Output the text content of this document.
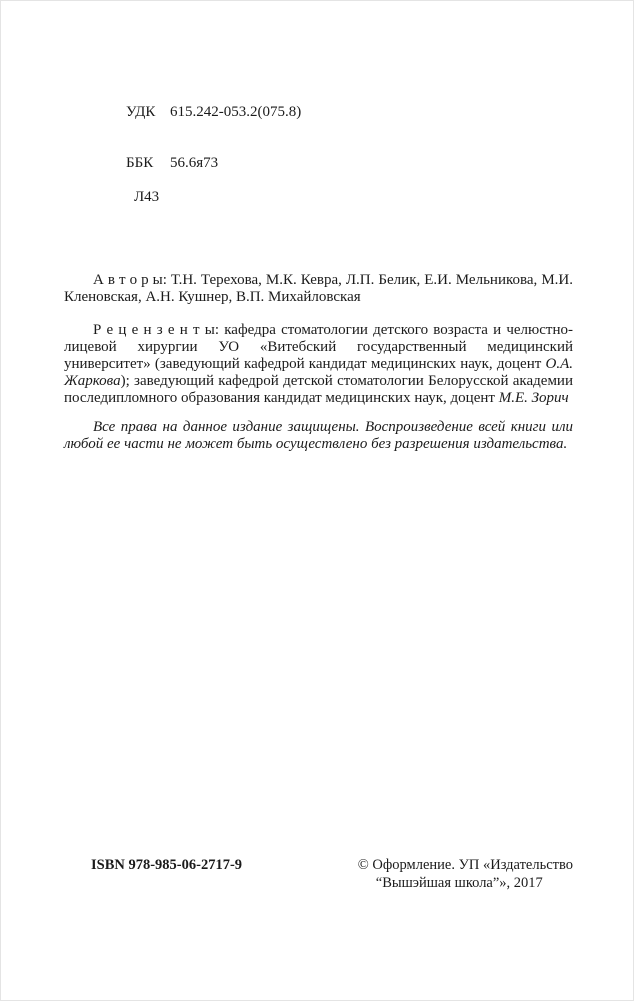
УДК 615.242-053.2(075.8)

ББК 56.6я73

Л43

А в т о р ы: Т.Н. Терехова, М.К. Кевра, Л.П. Белик, Е.И. Мельникова, М.И. Кленовская, А.Н. Кушнер, В.П. Михайловская

Р е ц е н з е н т ы: кафедра стоматологии детского возраста и челюстно-лицевой хирургии УО «Витебский государственный медицинский университет» (заведующий кафедрой кандидат медицинских наук, доцент О.А. Жаркова); заведующий кафедрой детской стоматологии Белорусской академии последипломного образования кандидат медицинских наук, доцент М.Е. Зорич

Все права на данное издание защищены. Воспроизведение всей книги или любой ее части не может быть осуществлено без разрешения издательства.

ISBN 978-985-06-2717-9	© Оформление. УП «Издательство
“Вышэйшая школа”», 2017
